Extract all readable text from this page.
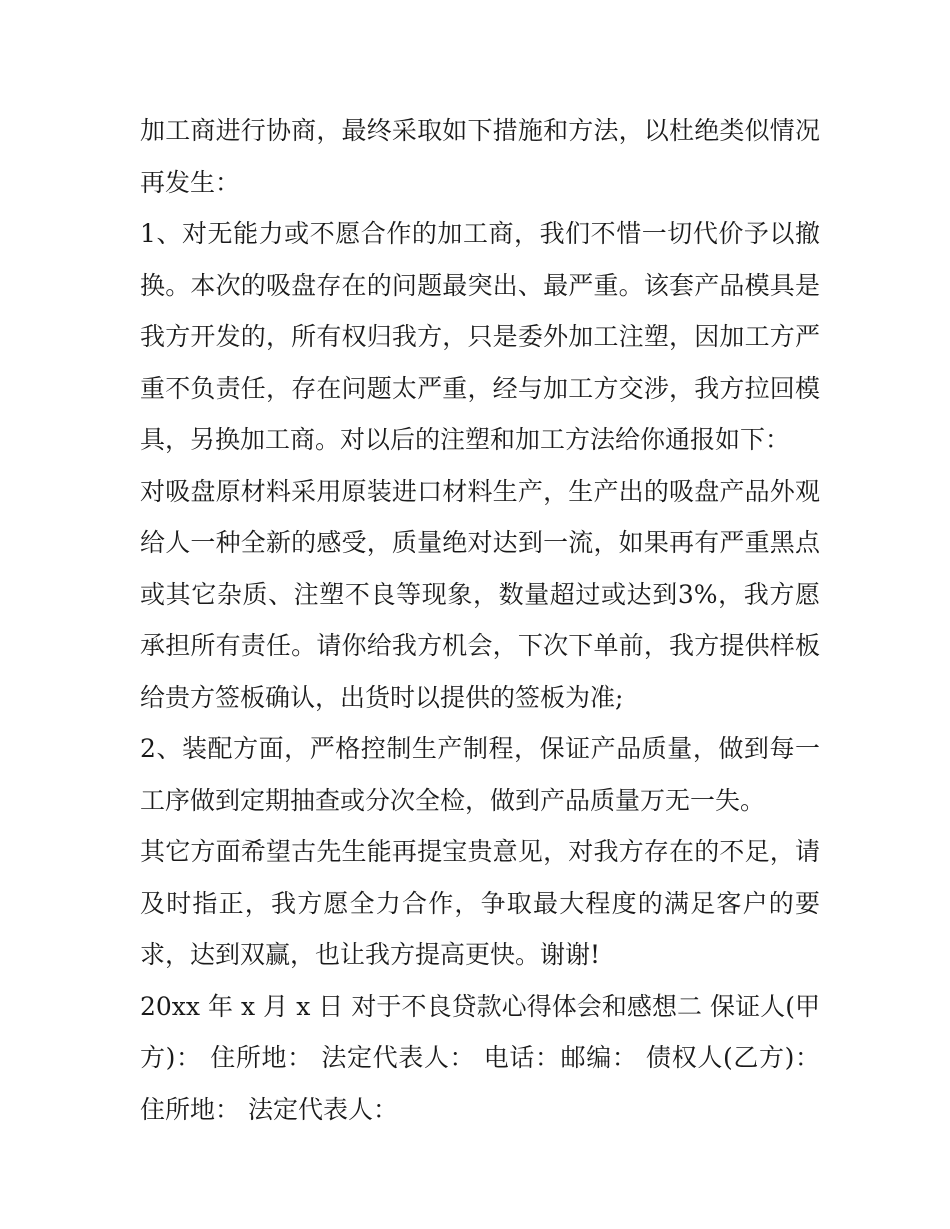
加工商进行协商，最终采取如下措施和方法，以杜绝类似情况再发生：

1、对无能力或不愿合作的加工商，我们不惜一切代价予以撤换。本次的吸盘存在的问题最突出、最严重。该套产品模具是我方开发的，所有权归我方，只是委外加工注塑，因加工方严重不负责任，存在问题太严重，经与加工方交涉，我方拉回模具，另换加工商。对以后的注塑和加工方法给你通报如下：

对吸盘原材料采用原装进口材料生产，生产出的吸盘产品外观给人一种全新的感受，质量绝对达到一流，如果再有严重黑点或其它杂质、注塑不良等现象，数量超过或达到3%，我方愿承担所有责任。请你给我方机会，下次下单前，我方提供样板给贵方签板确认，出货时以提供的签板为准;

2、装配方面，严格控制生产制程，保证产品质量，做到每一工序做到定期抽查或分次全检，做到产品质量万无一失。

其它方面希望古先生能再提宝贵意见，对我方存在的不足，请及时指正，我方愿全力合作，争取最大程度的满足客户的要求，达到双赢，也让我方提高更快。谢谢!

20xx 年 x 月 x 日 对于不良贷款心得体会和感想二 保证人(甲方)： 住所地： 法定代表人： 电话：邮编： 债权人(乙方)： 住所地： 法定代表人：
